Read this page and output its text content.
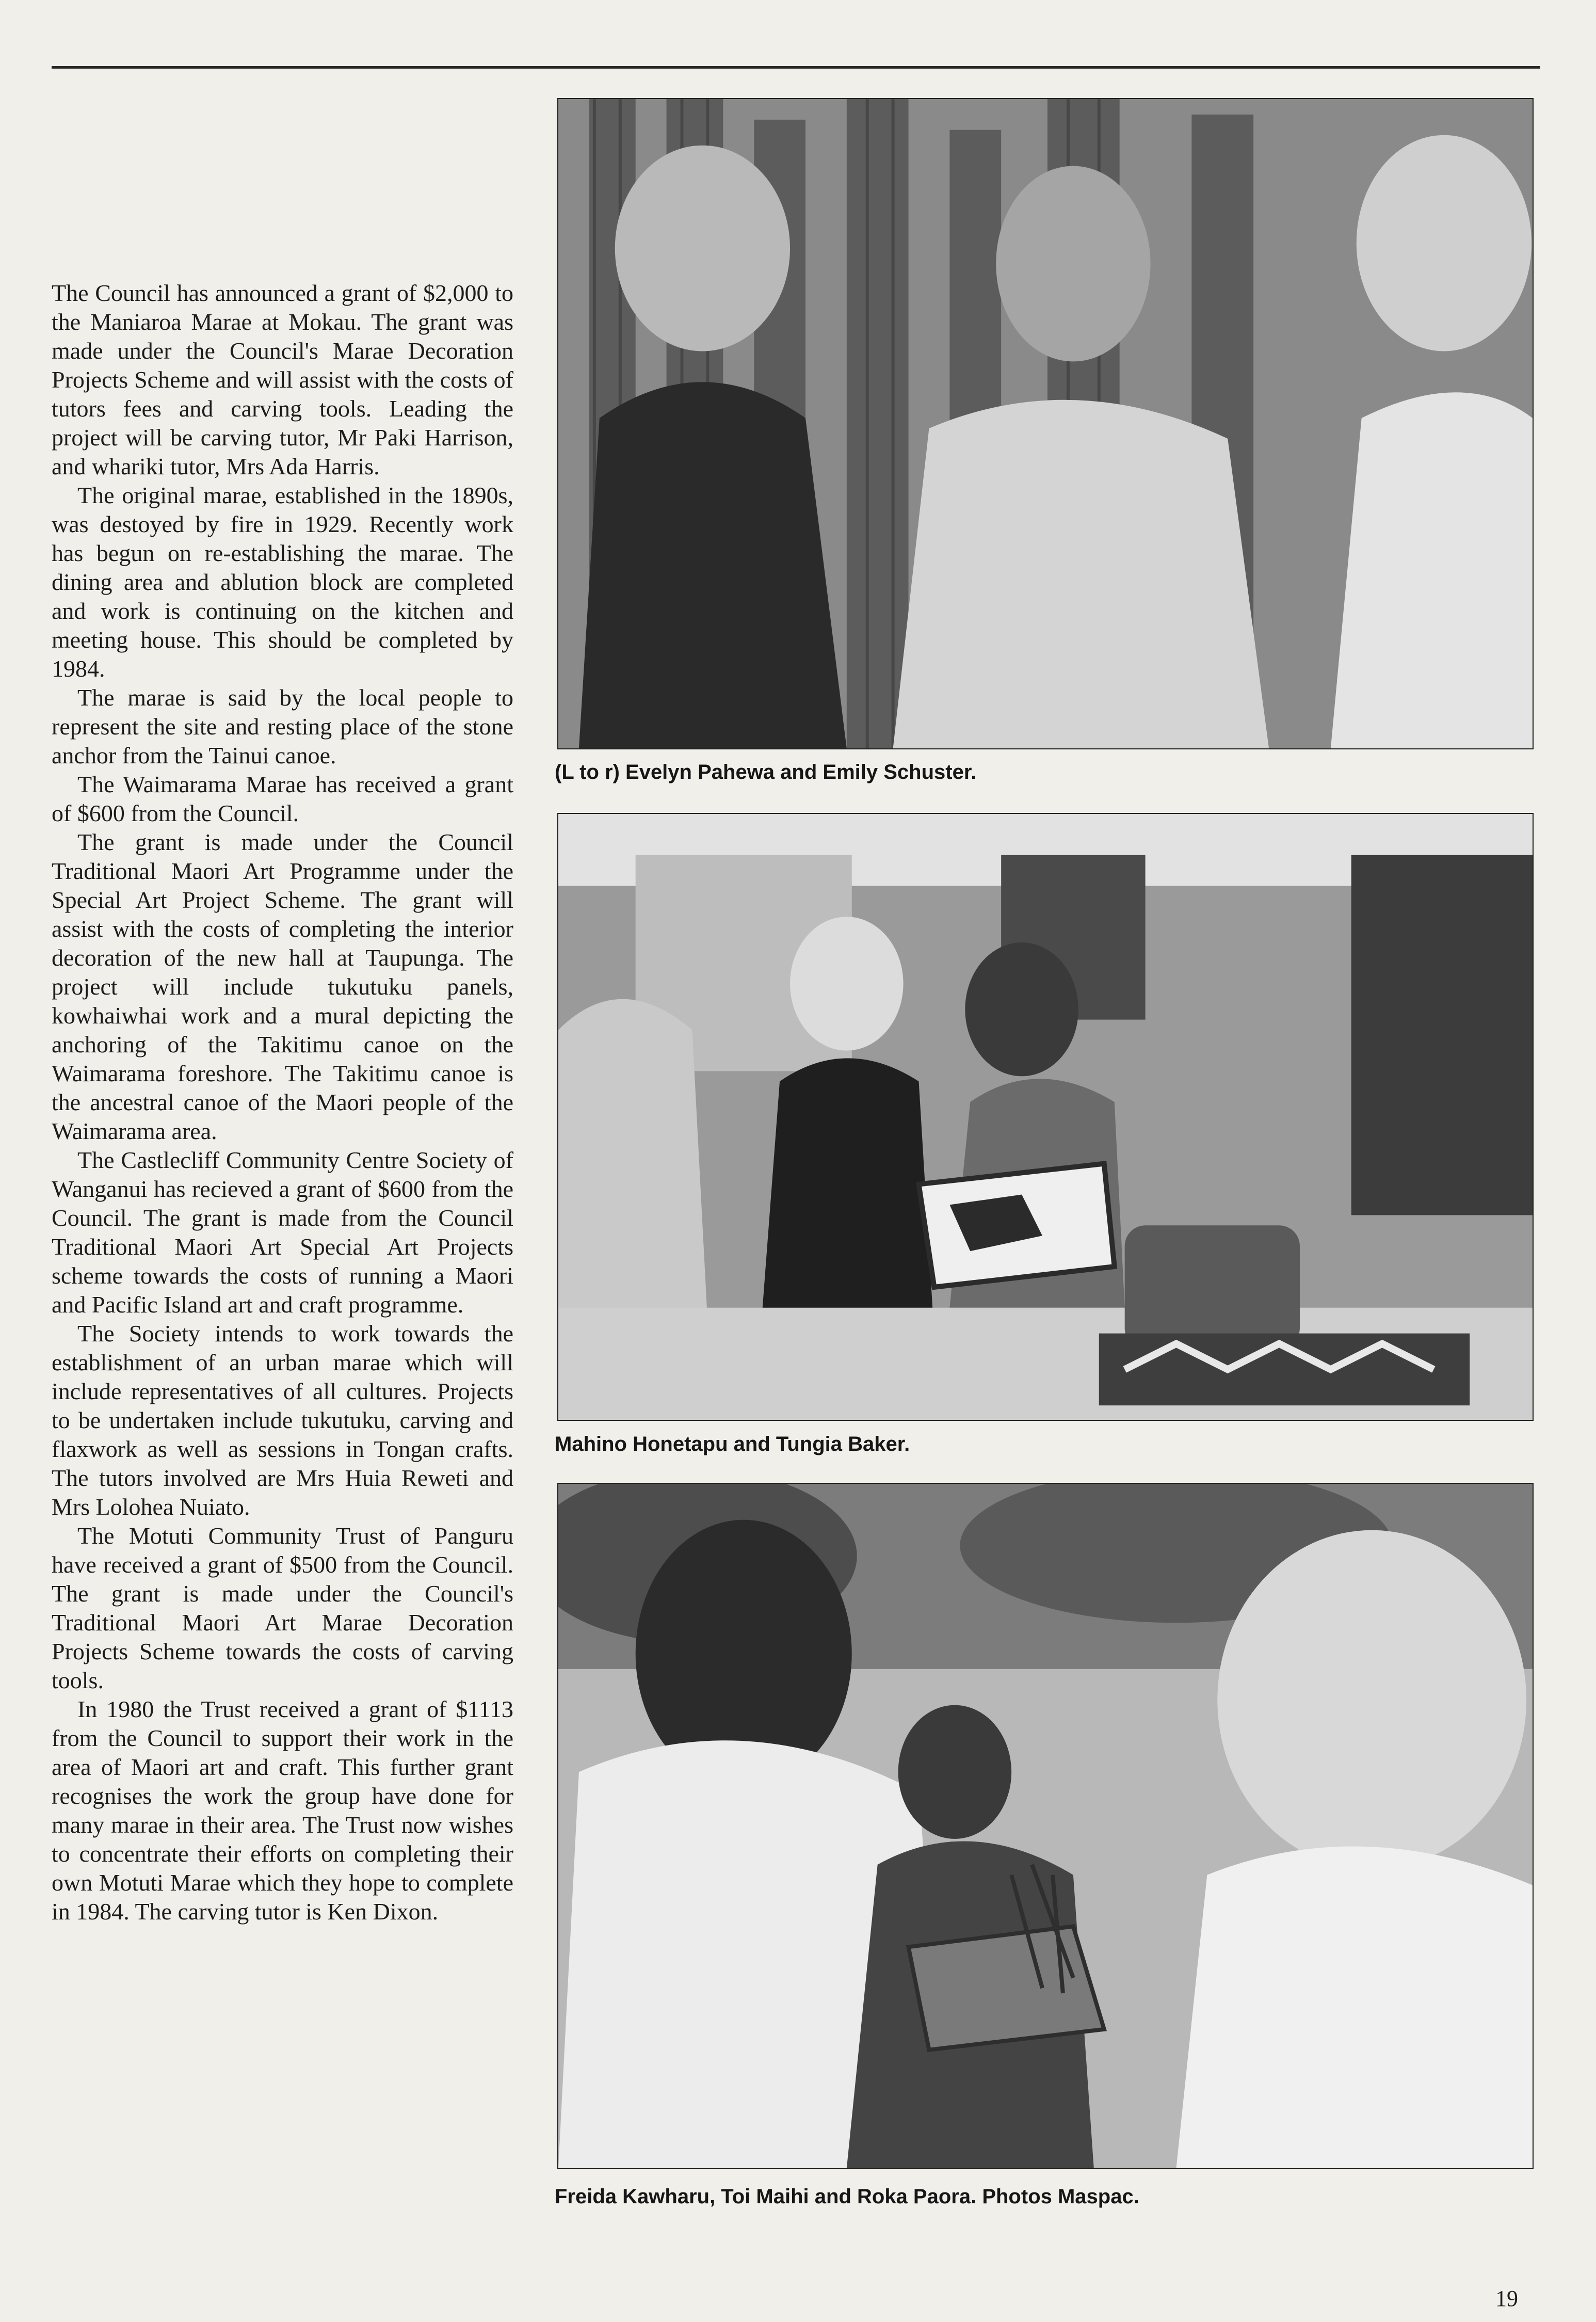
The Council has announced a grant of $2,000 to the Maniaroa Marae at Mokau. The grant was made under the Council's Marae Decoration Projects Scheme and will assist with the costs of tutors fees and carving tools. Leading the project will be carving tutor, Mr Paki Harrison, and whariki tutor, Mrs Ada Harris.

The original marae, established in the 1890s, was destoyed by fire in 1929. Recently work has begun on re-establishing the marae. The dining area and ablution block are completed and work is continuing on the kitchen and meeting house. This should be completed by 1984.

The marae is said by the local people to represent the site and resting place of the stone anchor from the Tainui canoe.

The Waimarama Marae has received a grant of $600 from the Council.

The grant is made under the Council Traditional Maori Art Programme under the Special Art Project Scheme. The grant will assist with the costs of completing the interior decoration of the new hall at Taupunga. The project will include tukutuku panels, kowhaiwhai work and a mural depicting the anchoring of the Takitimu canoe on the Waimarama foreshore. The Takitimu canoe is the ancestral canoe of the Maori people of the Waimarama area.

The Castlecliff Community Centre Society of Wanganui has recieved a grant of $600 from the Council. The grant is made from the Council Traditional Maori Art Special Art Projects scheme towards the costs of running a Maori and Pacific Island art and craft programme.

The Society intends to work towards the establishment of an urban marae which will include representatives of all cultures. Projects to be undertaken include tukutuku, carving and flaxwork as well as sessions in Tongan crafts. The tutors involved are Mrs Huia Reweti and Mrs Lolohea Nuiato.

The Motuti Community Trust of Panguru have received a grant of $500 from the Council. The grant is made under the Council's Traditional Maori Art Marae Decoration Projects Scheme towards the costs of carving tools.

In 1980 the Trust received a grant of $1113 from the Council to support their work in the area of Maori art and craft. This further grant recognises the work the group have done for many marae in their area. The Trust now wishes to concentrate their efforts on completing their own Motuti Marae which they hope to complete in 1984. The carving tutor is Ken Dixon.

(L to r) Evelyn Pahewa and Emily Schuster.
Mahino Honetapu and Tungia Baker.
Freida Kawharu, Toi Maihi and Roka Paora. Photos Maspac.
19
